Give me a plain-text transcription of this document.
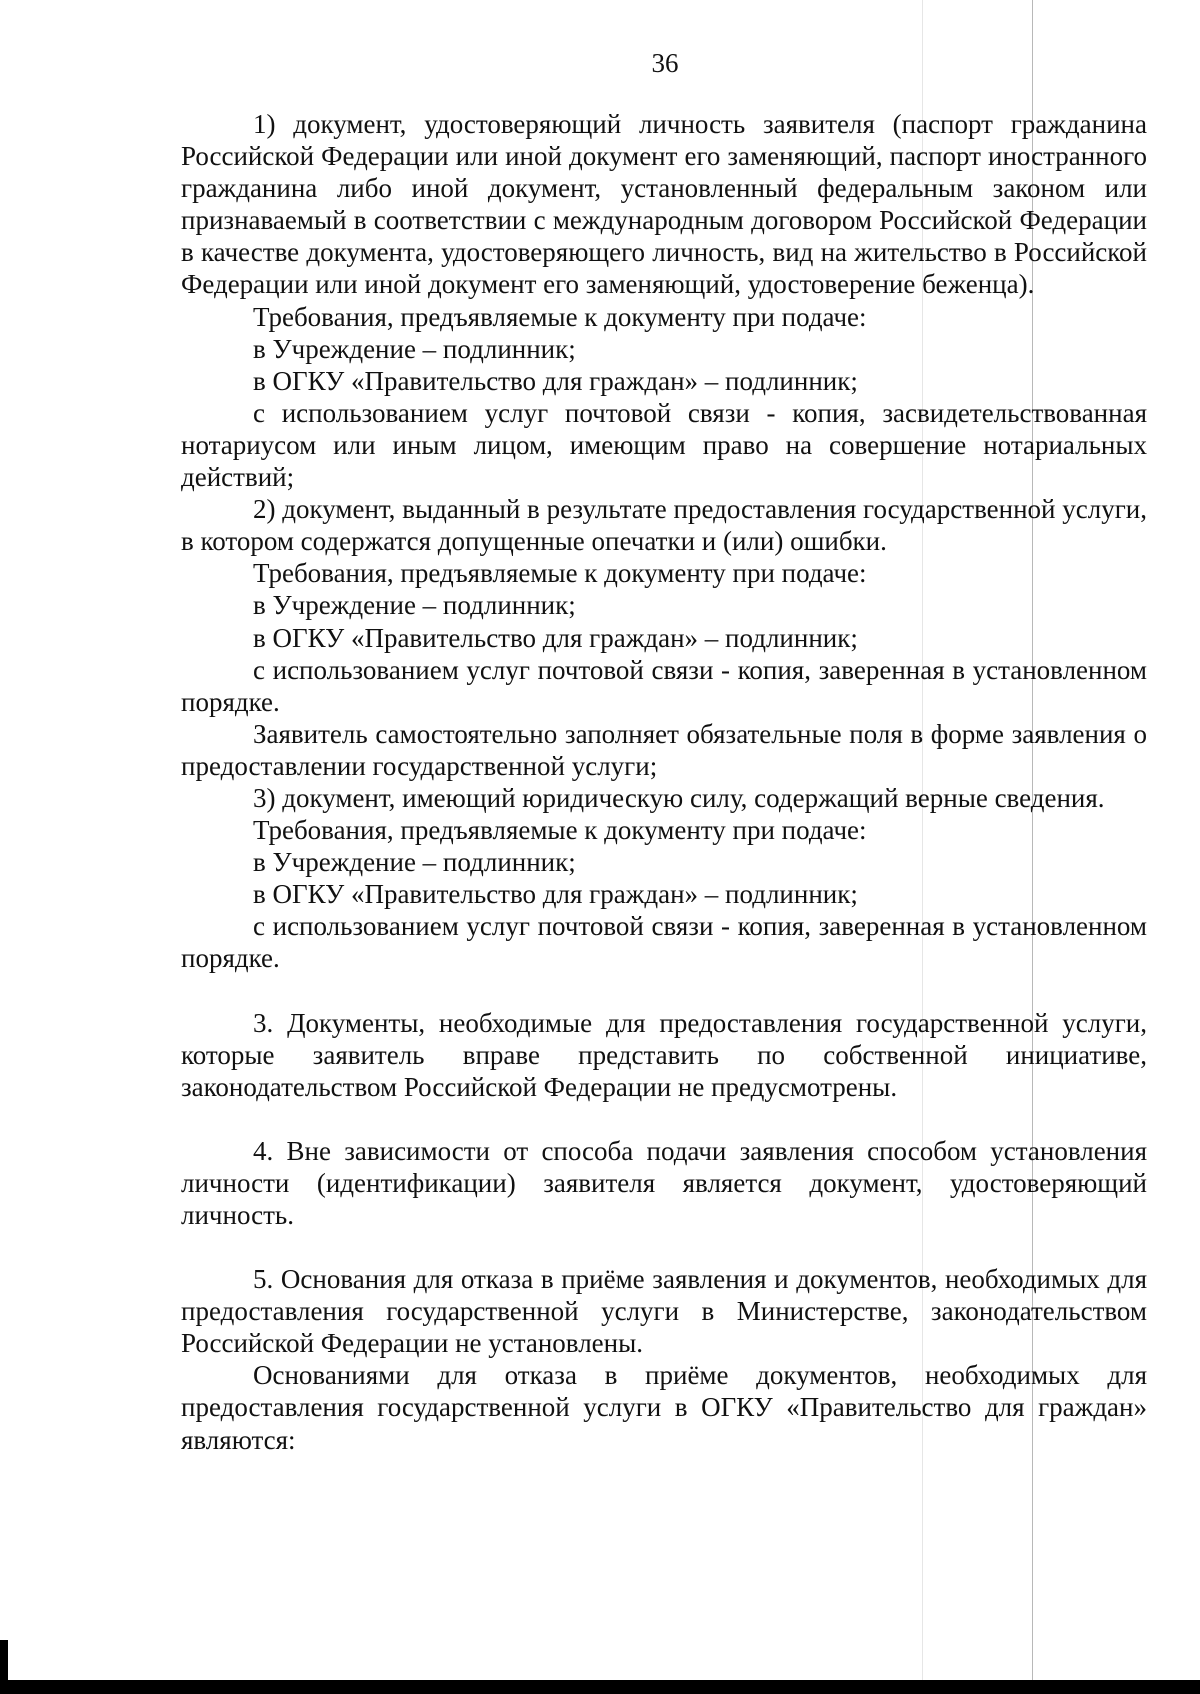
36

1) документ, удостоверяющий личность заявителя (паспорт гражданина Российской Федерации или иной документ его заменяющий, паспорт иностранного гражданина либо иной документ, установленный федеральным законом или признаваемый в соответствии с международным договором Российской Федерации в качестве документа, удостоверяющего личность, вид на жительство в Российской Федерации или иной документ его заменяющий, удостоверение беженца).

Требования, предъявляемые к документу при подаче:

в Учреждение – подлинник;

в ОГКУ «Правительство для граждан» – подлинник;

с использованием услуг почтовой связи - копия, засвидетельствованная нотариусом или иным лицом, имеющим право на совершение нотариальных действий;

2) документ, выданный в результате предоставления государственной услуги, в котором содержатся допущенные опечатки и (или) ошибки.

Требования, предъявляемые к документу при подаче:

в Учреждение – подлинник;

в ОГКУ «Правительство для граждан» – подлинник;

с использованием услуг почтовой связи - копия, заверенная в установленном порядке.

Заявитель самостоятельно заполняет обязательные поля в форме заявления о предоставлении государственной услуги;

3) документ, имеющий юридическую силу, содержащий верные сведения.

Требования, предъявляемые к документу при подаче:

в Учреждение – подлинник;

в ОГКУ «Правительство для граждан» – подлинник;

с использованием услуг почтовой связи - копия, заверенная в установленном порядке.

3. Документы, необходимые для предоставления государственной услуги, которые заявитель вправе представить по собственной инициативе, законодательством Российской Федерации не предусмотрены.

4. Вне зависимости от способа подачи заявления способом установления личности (идентификации) заявителя является документ, удостоверяющий личность.

5. Основания для отказа в приёме заявления и документов, необходимых для предоставления государственной услуги в Министерстве, законодательством Российской Федерации не установлены.

Основаниями для отказа в приёме документов, необходимых для предоставления государственной услуги в ОГКУ «Правительство для граждан» являются:
